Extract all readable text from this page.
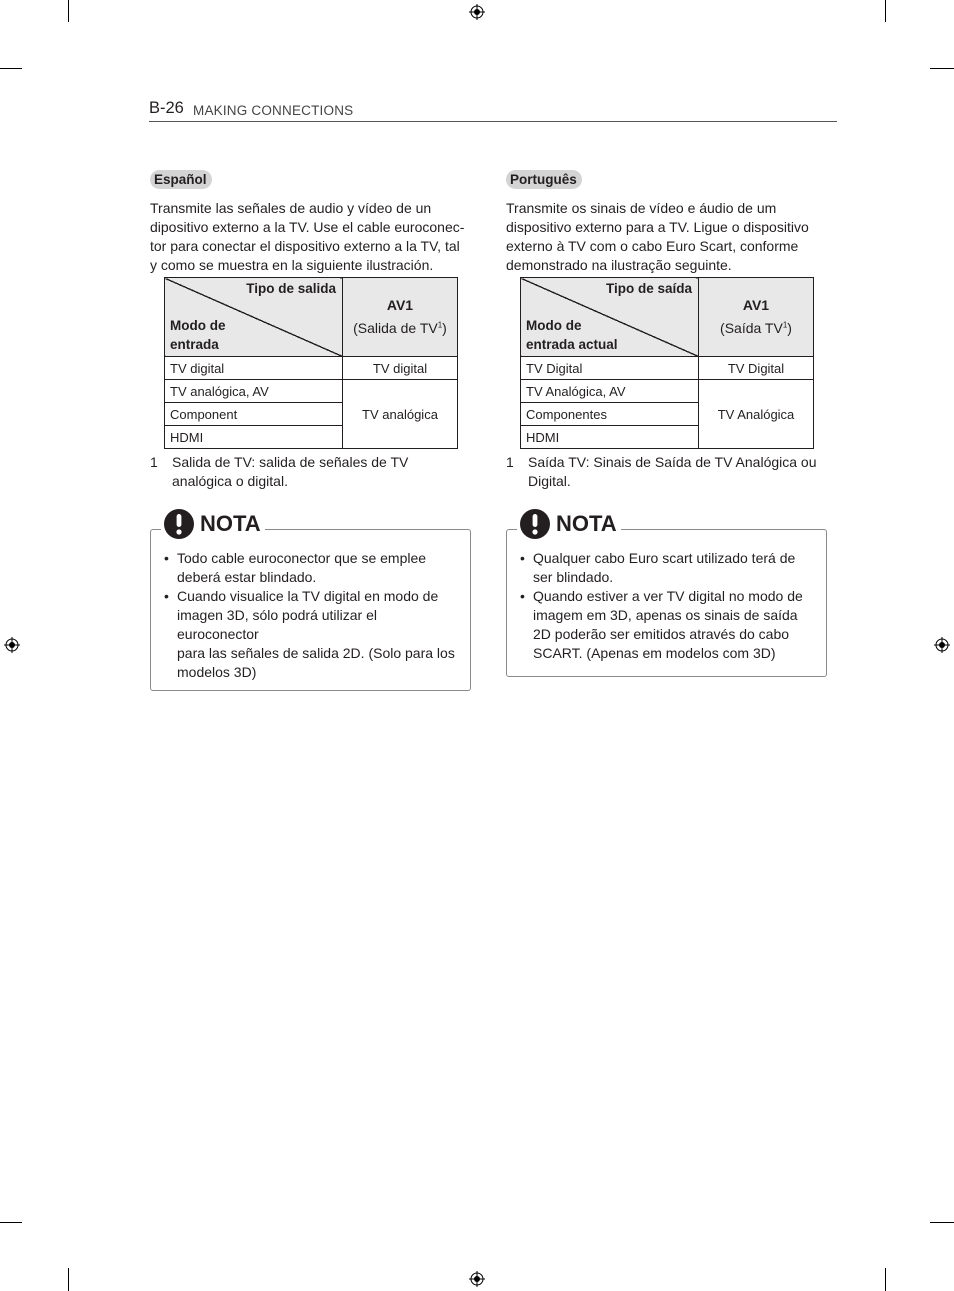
B-26 MAKING CONNECTIONS
Español

Transmite las señales de audio y vídeo de un
dipositivo externo a la TV. Use el cable euroconec-
tor para conectar el dispositivo externo a la TV, tal
y como se muestra en la siguiente ilustración.

Tipo de salida
Modo de
entrada	AV1
(Salida de $TV^1$)
TV digital	TV digital
TV analógica, AV	TV analógica
Component	
HDMI	
1 Salida de TV: salida de señales de TV
analógica o digital.
NOTA
• Todo cable euroconector que se emplee
deberá estar blindado.
• Cuando visualice la TV digital en modo de
imagen 3D, sólo podrá utilizar el euroconector
para las señales de salida 2D. (Solo para los
modelos 3D)
Português

Transmite os sinais de vídeo e áudio de um
dispositivo externo para a TV. Ligue o dispositivo
externo à TV com o cabo Euro Scart, conforme
demonstrado na ilustração seguinte.

Tipo de saída
Modo de
entrada actual	AV1
(Saída $TV^1$)
TV Digital	TV Digital
TV Analógica, AV	TV Analógica
Componentes	
HDMI	
1 Saída TV: Sinais de Saída de TV Analógica ou
Digital.
NOTA
• Qualquer cabo Euro scart utilizado terá de
ser blindado.
• Quando estiver a ver TV digital no modo de
imagem em 3D, apenas os sinais de saída
2D poderão ser emitidos através do cabo
SCART. (Apenas em modelos com 3D)
